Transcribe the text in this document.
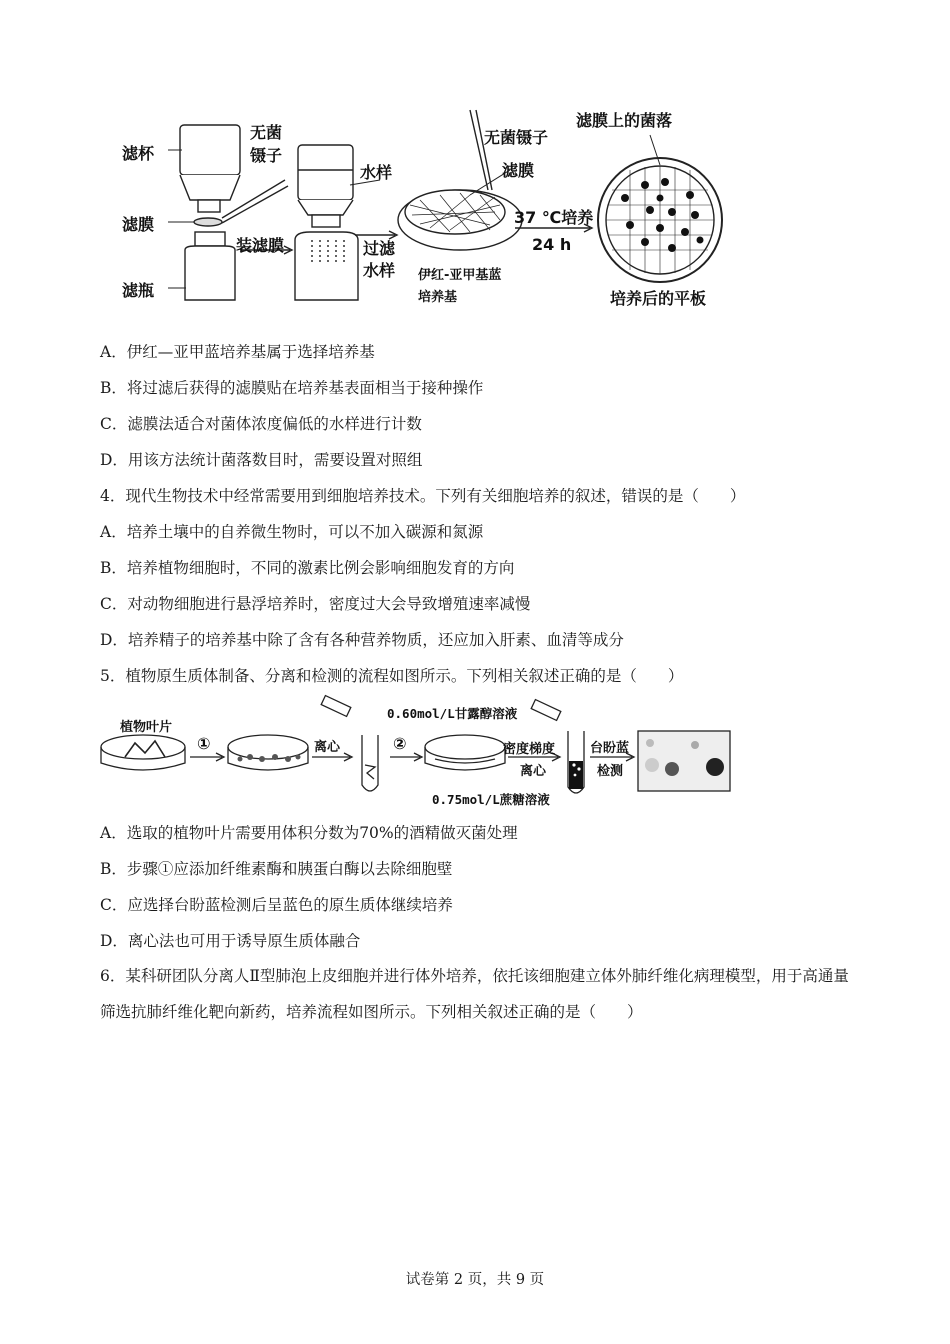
滤杯
无菌
镊子
滤膜
滤瓶
装滤膜
水样
过滤
水样
无菌镊子
滤膜
伊红-亚甲基蓝
培养基
37 ℃培养
24 h
滤膜上的菌落
培养后的平板
A．伊红—亚甲蓝培养基属于选择培养基
B．将过滤后获得的滤膜贴在培养基表面相当于接种操作
C．滤膜法适合对菌体浓度偏低的水样进行计数
D．用该方法统计菌落数目时，需要设置对照组
4．现代生物技术中经常需要用到细胞培养技术。下列有关细胞培养的叙述，错误的是（　　）
A．培养土壤中的自养微生物时，可以不加入碳源和氮源
B．培养植物细胞时，不同的激素比例会影响细胞发育的方向
C．对动物细胞进行悬浮培养时，密度过大会导致增殖速率减慢
D．培养精子的培养基中除了含有各种营养物质，还应加入肝素、血清等成分
5．植物原生质体制备、分离和检测的流程如图所示。下列相关叙述正确的是（　　）
植物叶片
①	离心	②
0.60mol/L甘露醇溶液
密度梯度
离心
0.75mol/L蔗糖溶液
台盼蓝
检测
A．选取的植物叶片需要用体积分数为70%的酒精做灭菌处理
B．步骤①应添加纤维素酶和胰蛋白酶以去除细胞壁
C．应选择台盼蓝检测后呈蓝色的原生质体继续培养
D．离心法也可用于诱导原生质体融合
6．某科研团队分离人Ⅱ型肺泡上皮细胞并进行体外培养，依托该细胞建立体外肺纤维化病理模型，用于高通量筛选抗肺纤维化靶向新药，培养流程如图所示。下列相关叙述正确的是（　　）
试卷第 2 页，共 9 页
